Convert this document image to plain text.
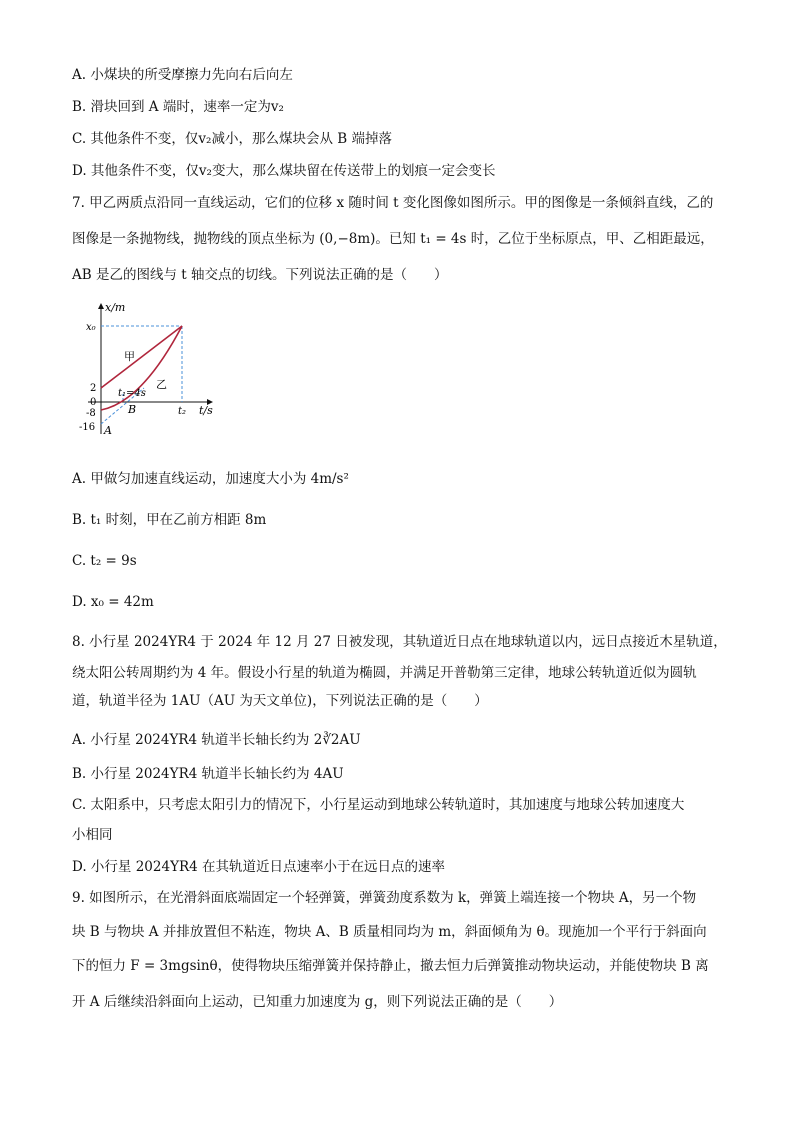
A. 小煤块的所受摩擦力先向右后向左
B. 滑块回到 A 端时，速率一定为v₂
C. 其他条件不变，仅v₂减小，那么煤块会从 B 端掉落
D. 其他条件不变，仅v₂变大，那么煤块留在传送带上的划痕一定会变长
7. 甲乙两质点沿同一直线运动，它们的位移 x 随时间 t 变化图像如图所示。甲的图像是一条倾斜直线，乙的
图像是一条抛物线，抛物线的顶点坐标为 (0,−8m)。已知 t₁ = 4s 时，乙位于坐标原点，甲、乙相距最远，
AB 是乙的图线与 t 轴交点的切线。下列说法正确的是（　　）
x/m
t/s
x₀
2
0
-8
-16
t₁=4s
t₂
甲
乙
A
B
A. 甲做匀加速直线运动，加速度大小为 4m/s²
B. t₁ 时刻，甲在乙前方相距 8m
C. t₂ = 9s
D. x₀ = 42m
8. 小行星 2024YR4 于 2024 年 12 月 27 日被发现，其轨道近日点在地球轨道以内，远日点接近木星轨道，
绕太阳公转周期约为 4 年。假设小行星的轨道为椭圆，并满足开普勒第三定律，地球公转轨道近似为圆轨
道，轨道半径为 1AU（AU 为天文单位)，下列说法正确的是（　　）
A. 小行星 2024YR4 轨道半长轴长约为 2∛2AU
B. 小行星 2024YR4 轨道半长轴长约为 4AU
C. 太阳系中，只考虑太阳引力的情况下，小行星运动到地球公转轨道时，其加速度与地球公转加速度大
小相同
D. 小行星 2024YR4 在其轨道近日点速率小于在远日点的速率
9. 如图所示，在光滑斜面底端固定一个轻弹簧，弹簧劲度系数为 k，弹簧上端连接一个物块 A，另一个物
块 B 与物块 A 并排放置但不粘连，物块 A、B 质量相同均为 m，斜面倾角为 θ。现施加一个平行于斜面向
下的恒力 F = 3mgsinθ，使得物块压缩弹簧并保持静止，撤去恒力后弹簧推动物块运动，并能使物块 B 离
开 A 后继续沿斜面向上运动，已知重力加速度为 g，则下列说法正确的是（　　）
